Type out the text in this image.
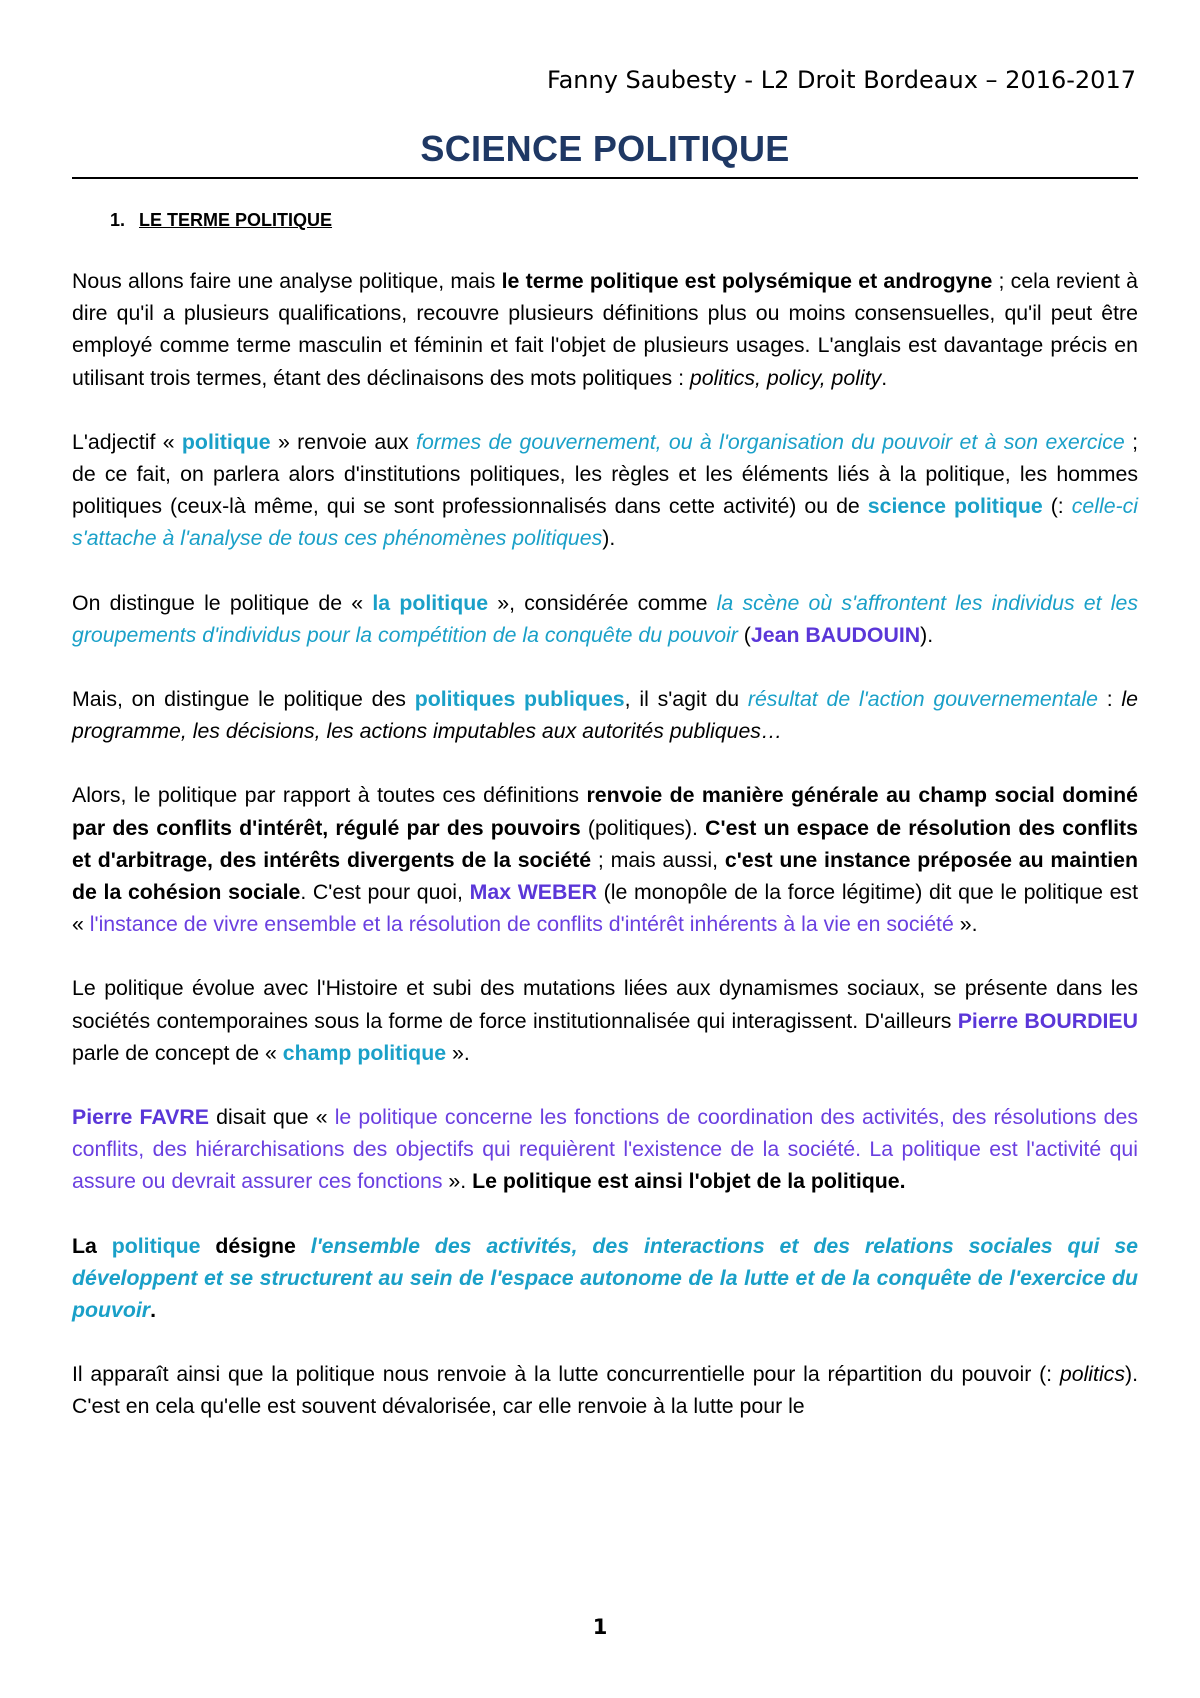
Fanny Saubesty - L2 Droit Bordeaux – 2016-2017
SCIENCE POLITIQUE
1. LE TERME POLITIQUE

Nous allons faire une analyse politique, mais le terme politique est polysémique et androgyne ; cela revient à dire qu'il a plusieurs qualifications, recouvre plusieurs définitions plus ou moins consensuelles, qu'il peut être employé comme terme masculin et féminin et fait l'objet de plusieurs usages. L'anglais est davantage précis en utilisant trois termes, étant des déclinaisons des mots politiques : politics, policy, polity.

L'adjectif « politique » renvoie aux formes de gouvernement, ou à l'organisation du pouvoir et à son exercice ; de ce fait, on parlera alors d'institutions politiques, les règles et les éléments liés à la politique, les hommes politiques (ceux-là même, qui se sont professionnalisés dans cette activité) ou de science politique (: celle-ci s'attache à l'analyse de tous ces phénomènes politiques).

On distingue le politique de « la politique », considérée comme la scène où s'affrontent les individus et les groupements d'individus pour la compétition de la conquête du pouvoir (Jean BAUDOUIN).

Mais, on distingue le politique des politiques publiques, il s'agit du résultat de l'action gouvernementale : le programme, les décisions, les actions imputables aux autorités publiques…

Alors, le politique par rapport à toutes ces définitions renvoie de manière générale au champ social dominé par des conflits d'intérêt, régulé par des pouvoirs (politiques). C'est un espace de résolution des conflits et d'arbitrage, des intérêts divergents de la société ; mais aussi, c'est une instance préposée au maintien de la cohésion sociale. C'est pour quoi, Max WEBER (le monopôle de la force légitime) dit que le politique est « l'instance de vivre ensemble et la résolution de conflits d'intérêt inhérents à la vie en société ».

Le politique évolue avec l'Histoire et subi des mutations liées aux dynamismes sociaux, se présente dans les sociétés contemporaines sous la forme de force institutionnalisée qui interagissent. D'ailleurs Pierre BOURDIEU parle de concept de « champ politique ».

Pierre FAVRE disait que « le politique concerne les fonctions de coordination des activités, des résolutions des conflits, des hiérarchisations des objectifs qui requièrent l'existence de la société. La politique est l'activité qui assure ou devrait assurer ces fonctions ». Le politique est ainsi l'objet de la politique.

La politique désigne l'ensemble des activités, des interactions et des relations sociales qui se développent et se structurent au sein de l'espace autonome de la lutte et de la conquête de l'exercice du pouvoir.

Il apparaît ainsi que la politique nous renvoie à la lutte concurrentielle pour la répartition du pouvoir (: politics). C'est en cela qu'elle est souvent dévalorisée, car elle renvoie à la lutte pour le

1
